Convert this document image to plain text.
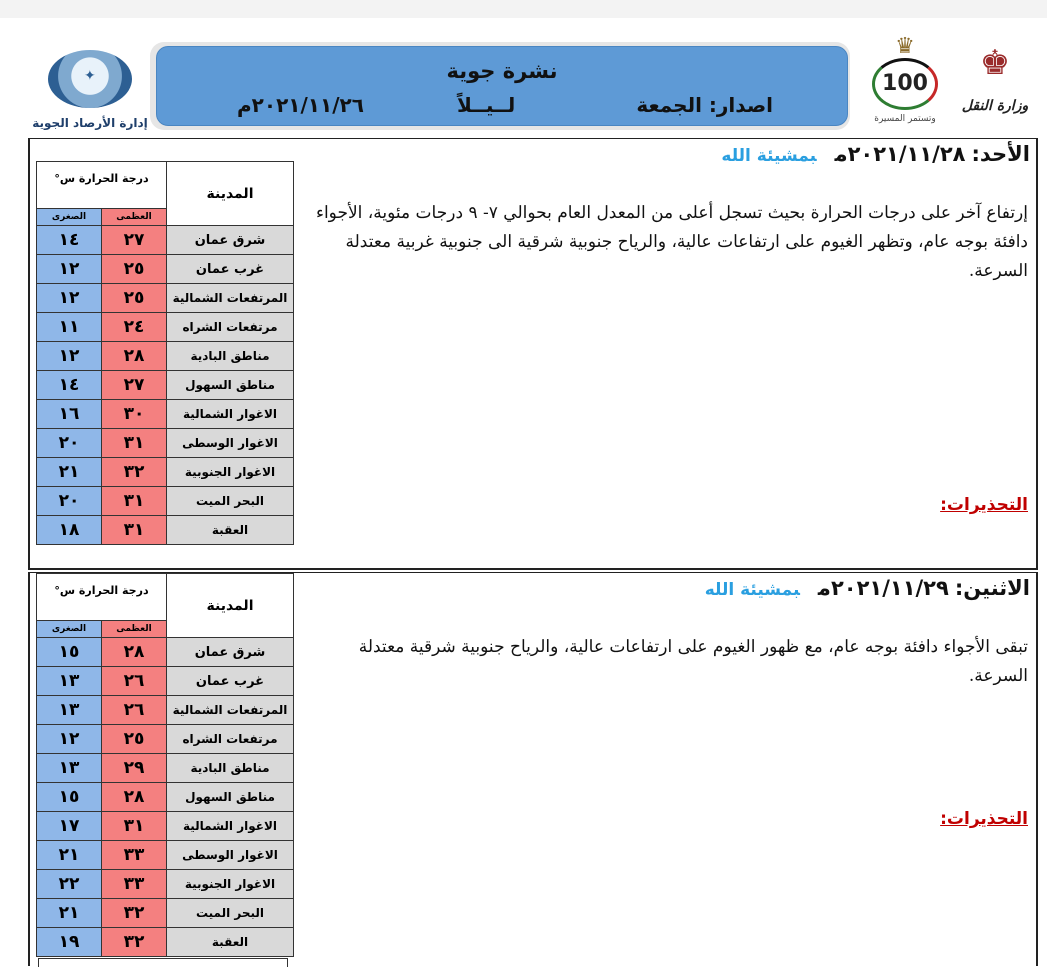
✦
إدارة الأرصاد الجوية
نشرة جوية
اصدار: الجمعة
لــيــلاً
٢٠٢١/١١/٢٦م
♛
100
وتستمر المسيرة
♚
وزارة النقل
الأحد:٢٠٢١/١١/٢٨مبمشيئة الله
إرتفاع آخر على درجات الحرارة بحيث تسجل أعلى من المعدل العام بحوالي ٧- ٩ درجات مئوية، الأجواء دافئة بوجه عام، وتظهر الغيوم على ارتفاعات عالية، والرياح جنوبية شرقية الى جنوبية غربية معتدلة السرعة.
التحذيرات:
المدينة	درجة الحرارة س°	
	العظمى	الصغرى
شرق عمان	٢٧	١٤
غرب عمان	٢٥	١٢
المرتفعات الشمالية	٢٥	١٢
مرتفعات الشراه	٢٤	١١
مناطق البادية	٢٨	١٢
مناطق السهول	٢٧	١٤
الاغوار الشمالية	٣٠	١٦
الاغوار الوسطى	٣١	٢٠
الاغوار الجنوبية	٣٢	٢١
البحر الميت	٣١	٢٠
العقبة	٣١	١٨
الاثنين:٢٠٢١/١١/٢٩مبمشيئة الله
تبقى الأجواء دافئة بوجه عام، مع ظهور الغيوم على ارتفاعات عالية، والرياح جنوبية شرقية معتدلة السرعة.
التحذيرات:
المدينة	درجة الحرارة س°	
	العظمى	الصغرى
شرق عمان	٢٨	١٥
غرب عمان	٢٦	١٣
المرتفعات الشمالية	٢٦	١٣
مرتفعات الشراه	٢٥	١٢
مناطق البادية	٢٩	١٣
مناطق السهول	٢٨	١٥
الاغوار الشمالية	٣١	١٧
الاغوار الوسطى	٣٣	٢١
الاغوار الجنوبية	٣٣	٢٢
البحر الميت	٣٢	٢١
العقبة	٣٢	١٩
